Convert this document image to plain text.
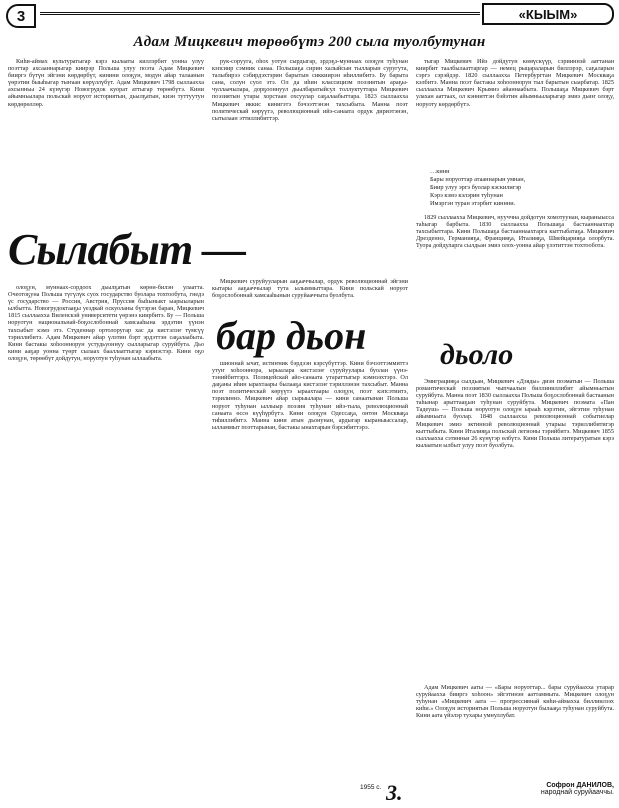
3	«КЫЫМ»
Адам Мицкевич төрөөбүтэ 200 сыла туолбутунан

Киһи-аймах культуратыгар кэрэ кылааты киллэрбит уонна улуу поэттар ахсааннарыгар киирэр Польша улуу поэта Адам Мицкевич бииргэ бүтүн эйгэни көрдөрбүт, кинини олоҕун, модун айар талаанын үөрэтии быыһыгар тыҥаан көрүллүбүт. Адам Мицкевич 1798 сыллаахха ахсынньы 24 күнүгэр Новогрудок куорат аттыгар төрөөбүтэ. Кини айымньылара польскай норуот историятын, дьылҕатын, киэн туттуутун көрдөрөллөр.

Сылабыт —

олоҕун, муннаах-сордоох дьылҕатын көрөн-билэн улаатта. Очеотоҕуна Польша түгүлүк суох государство буолара тохтообута, гнедэ үс государство — Россия, Австрия, Пруссия быһыныкт ыарыыларын ылбытта. Новогрудоктааҕы уездкай оскуоланы бүтэрэн баран, Мицкевич 1815 сыллаахха Виленскэй университети үөрэнэ киирбитэ. Бу — Польша норуотун национальнай-боҕослобоннай хамсааһына эрдэтин үүнэн тахсыбыт кэмэ этэ. Студеннар ортолоругар хас да кистэлэҥ түмсүү тэриллибитэ. Адам Мицкевич айар үлэтин бэрт эрдэттэн саҕалаабыта. Кини бастакы хоһооннорун устудьуоннуу сылларыгар суруйбута. Дьо кини ааҕар уонна түөрт сылаах бааллааттыгар кэриэстэр. Кини оҕо олоҕун, төрөөбүт дойдутун, норуотун туһунан ыллаабыта.

рук-сорууга, оһох уотун сырдыгар, эрдэҕэ-муннаах олоҕун туһунан кэпсиир сэмник санаа. Польшаҕа сирин халыйсын тылларын суругута, талыбирээ сэбирдэхтэрин барытын сиккиирэн иһиллибитэ. Бу барыта сана, солун суол этэ. Ол да иһин классицизм поэзиятын араҕы-чуллаачылара, дорҕооннуул дьылбаратыйсул толлуктуттара Мицкевич поэзиятын утары хорстаан охсуулар саҕалаабыттара. 1823 сыллаахха Мицкевич иккис кинигэтэ бэчээттэнэн тахсыбыта. Манна поэт политическай көрүүтэ, революционнай ийэ-санаата ордук дириэтэнэн, сытылаан эттиллибиттэр.

Мицкевич суруйууларын ааҕааччылар, ордук революционнай эйгэни кытары ааҕааччылар тута ылыммыттара. Кини польскай норуот боҕослобоннай хамсааһынын суруйааччыта буолбута.

бар дьон

шионнай ычат, истиҥник бэрдээн кэрсүбүттэр. Кини бэчээттэммиттэ утуҥ хоһооннора, ырыалара кистэлэҥ суруйуулары буолан үүнэ-тэнийбиттэрэ. Полицейскай айо-санаата утараттыгыр кэмнээхтэрэ. Ол даҕаны иһин ырахтаары былааҕа кистэлэҥ тэриллэнэн тахсыбыт. Манна поэт политическай көрүүтэ ыраахтаары олоҕун, поэт кэпсэтиитэ, тэрилиннэ. Мицкевич айар сырыылара — кини санаатынан Польша норуот туһунан ыллыыр поэзия туһунан ийэ-тыла, революционнай санаата өссө күүһүрбүтэ. Кини олоҕун Одессаҕа, онтон Москваҕа тиһиллибитэ. Манна кини атын дьонунан, ардыгар кыраныыссалар, ылламмыт поэттарынан, бастакы ынахтарын бэрсибиттэрэ.

тыгар Мицкевич Ийэ дойдутун көмүскүүр, сэрииннэй ааттанан киирбит таалбылааттаргар — немец рыцараларын биллэрэр, саҕаларын сэргэ сэрэйдэр. 1820 сыллаахха Петербургтан Мицкевич Москваҕа кэлбитэ. Манна поэт бастакы хоһооннорун тыл барытын сыарбатар. 1825 сыллаахха Мицкевич Крымнэ айаннаабыта. Польшаҕа Мицкевич бэрт улахан ааттаах, ол кэнниттэн бэйэтин айымньыларыгар эмиэ дьиҥ олоҕу, норуоту көрдөрбүтэ.

…кинн
Бары норуоттар атааннарын умнан,
Биир улуу эргэ буолар кэскилигэр
Кэрэ кэмэ кэлэрин туһунан
Имэргэн туран этэрбит киннни.

1829 сыллаахха Мицкевич, нууччна дойдотун хомотуунан, кыраныысса таһыгар барбыта. 1830 сыллаахха Польшаҕа бастааннаахтар тахсыбыттара. Кини Польшаҕа бастааннаахтарга кыттыбатаҕа. Мицкевич Дрезденнэ, Германияҕа, Францияҕа, Италияҕа, Швейцарияҕа олорбута. Туора дойдуларга сылдьан эмиэ олох-уонна айар үлэтиттэн тохтообота.

дьоло

Эмиграцияҕа сылдьан, Мицкевич «Дзяды» диэн поэматын — Польша романтическай поэзиятын чыпчаалын биллиниллибит айымньытын суруйбута. Манна поэт 1830 сыллаахха Польша боҕослобоннай бастаанын таһынар арыттааҕын туһунан суруйбута. Мицкевич поэмата «Пан Тадеуш» — Польша норуотун олоҕун ырааһ кэрэтин, эйгэтин туһунан айымньыта буолар. 1848 сыллаахха революционнай событиелар Мицкевич эмиэ эктиннэй революционнай утарыы тэриллибитигэр кыттыбыта. Кини Италияҕа польскай легионы тэрийбитэ. Мицкевич 1855 сыллаахха сэтинньи 26 күнүгэр өлбүтэ. Кини Польша литературатын кэрэ кылаатын ылбыт улуу поэт буолбута.

Адам Мицкевич ааты — «Бары норуоттар... бары суруйаахха утарар суруйаахха бииргэ хоһоон» эйгэтинэн ааттаммыта. Мицкевич олоҕун туһунан «Мицкевич аата — прогрессивнай киһи-аймахха биллиилээх киһи.» Олоҕун историятын Польша норуотун былааҕа туһунан суруйбута. Кини аата үйэлэр тухары умнуллубат.

1955 с. 3.	Софрон ДАНИЛОВ,
народнай суруйааччы.
